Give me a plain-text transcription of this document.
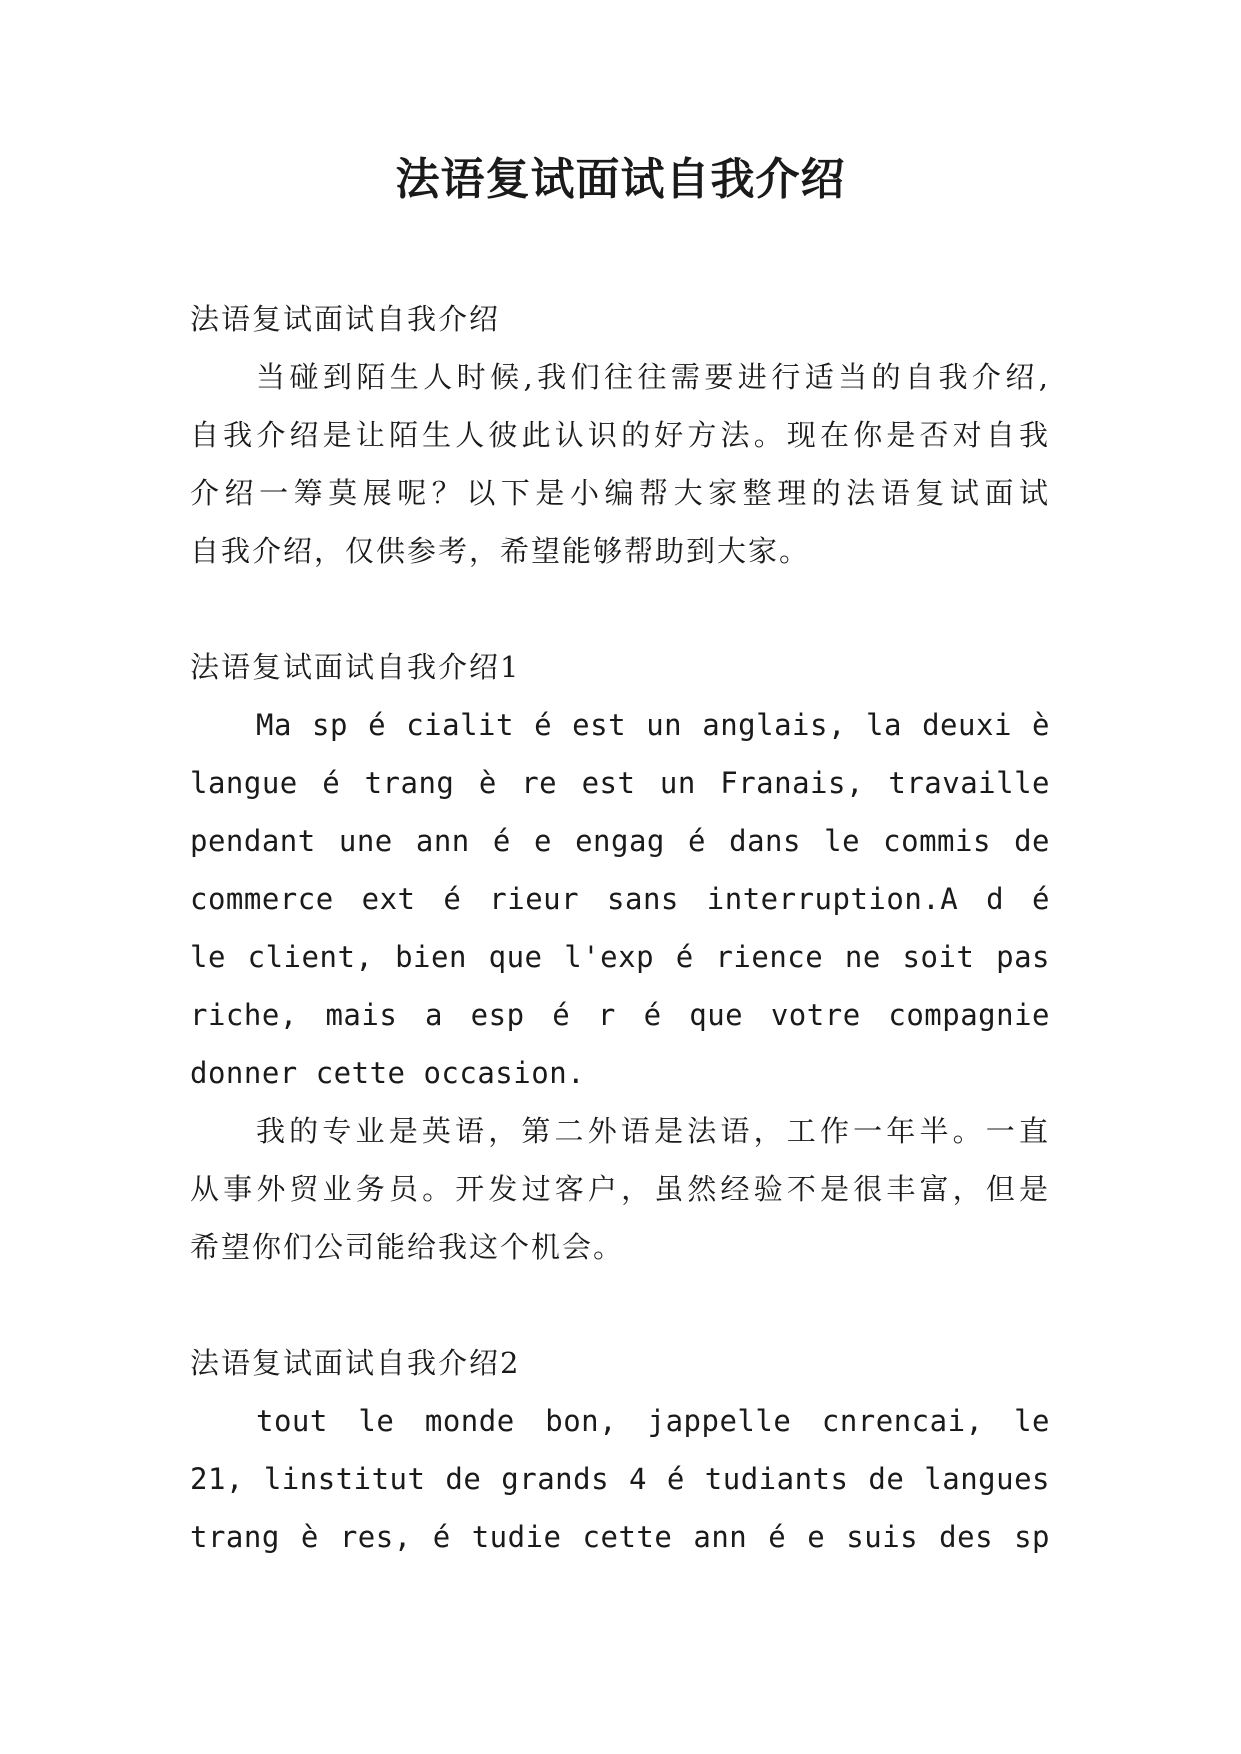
法语复试面试自我介绍
法语复试面试自我介绍
当碰到陌生人时候,我们往往需要进行适当的自我介绍,
自我介绍是让陌生人彼此认识的好方法。现在你是否对自我
介绍一筹莫展呢？以下是小编帮大家整理的法语复试面试
自我介绍，仅供参考，希望能够帮助到大家。
法语复试面试自我介绍1
Ma sp é cialit é est un anglais, la deuxi è
langue é trang è re est un Franais, travaille
pendant une ann é e engag é dans le commis de
commerce ext é rieur sans interruption.A d é
le client, bien que l'exp é rience ne soit pas
riche, mais a esp é r é que votre compagnie
donner cette occasion.
我的专业是英语，第二外语是法语，工作一年半。一直
从事外贸业务员。开发过客户，虽然经验不是很丰富，但是
希望你们公司能给我这个机会。
法语复试面试自我介绍2
tout le monde bon, jappelle cnrencai, le
21, linstitut de grands 4 é tudiants de langues
trang è res, é tudie cette ann é e suis des sp
